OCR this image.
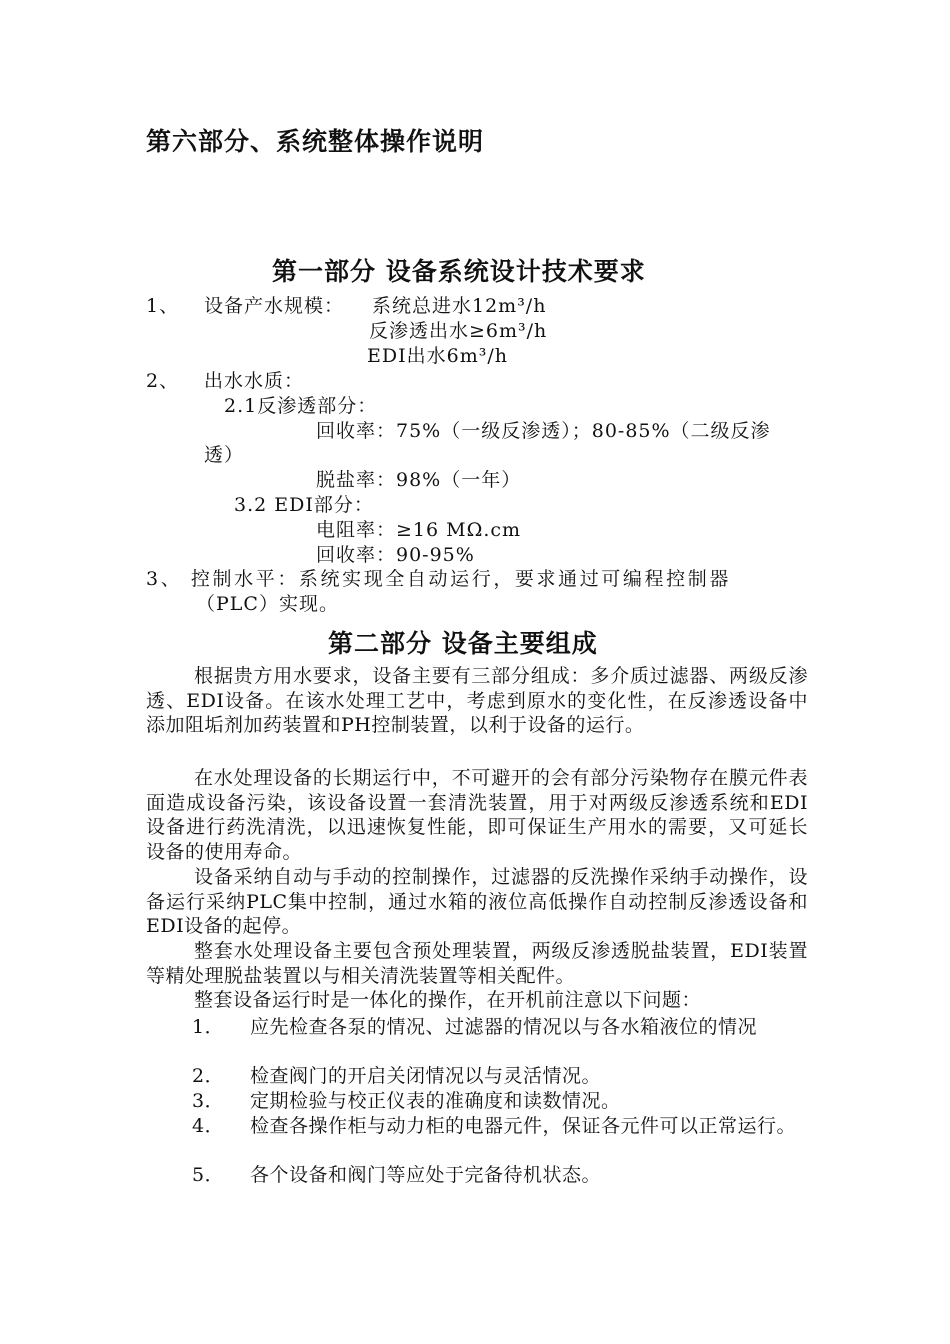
第六部分、系统整体操作说明
第一部分 设备系统设计技术要求
1、 设备产水规模： 系统总进水12m³/h
反渗透出水≥6m³/h
EDI出水6m³/h
2、 出水水质：
2.1反渗透部分：
回收率：75%（一级反渗透）；80-85%（二级反渗
透）
脱盐率：98%（一年）
3.2 EDI部分：
电阻率：≥16 MΩ.cm
回收率：90-95%
3、 控制水平：系统实现全自动运行，要求通过可编程控制器
（PLC）实现。
第二部分 设备主要组成
根据贵方用水要求，设备主要有三部分组成：多介质过滤器、两级反渗透、EDI设备。在该水处理工艺中，考虑到原水的变化性，在反渗透设备中添加阻垢剂加药装置和PH控制装置，以利于设备的运行。
在水处理设备的长期运行中，不可避开的会有部分污染物存在膜元件表面造成设备污染，该设备设置一套清洗装置，用于对两级反渗透系统和EDI设备进行药洗清洗，以迅速恢复性能，即可保证生产用水的需要，又可延长设备的使用寿命。
设备采纳自动与手动的控制操作，过滤器的反洗操作采纳手动操作，设备运行采纳PLC集中控制，通过水箱的液位高低操作自动控制反渗透设备和EDI设备的起停。
整套水处理设备主要包含预处理装置，两级反渗透脱盐装置，EDI装置等精处理脱盐装置以与相关清洗装置等相关配件。
整套设备运行时是一体化的操作，在开机前注意以下问题：
1． 应先检查各泵的情况、过滤器的情况以与各水箱液位的情况
2． 检查阀门的开启关闭情况以与灵活情况。
3． 定期检验与校正仪表的准确度和读数情况。
4． 检查各操作柜与动力柜的电器元件，保证各元件可以正常运行。
5． 各个设备和阀门等应处于完备待机状态。
